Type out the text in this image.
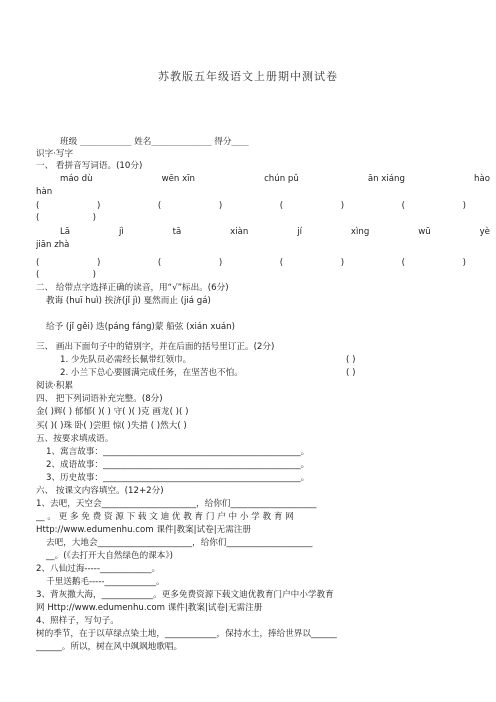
苏教版五年级语文上册期中测试卷
班级 ____________ 姓名______________ 得分____
识字·写字
一、 看拼音写词语。(10分)
máo dù	wēn xīn	chún pǔ	ān xiáng	hào
hàn
(	)	(	)	(	)	(	)
(	)
Lā	jì	tā	xiàn	jí	xìng	wū	yè
jiān zhà
(	)	(	)	(	)	(	)
(	)
二、 给带点字选择正确的读音，用“√”标出。(6分)
教诲 (huī huì) 挨济(jǐ jì) 戛然而止 (jiá gá)
给予 (jǐ gěi) 迭(páng fáng)蒙 船弦 (xián xuán)
三、 画出下面句子中的错别字，并在后面的括号里订正。(2分)
1. 少先队员必需经长佩带红领巾。	( )
2. 小兰下总心要圆满完成任务，在坚苦也不怕。	( )
阅读·积累
四、 把下列词语补充完整。(8分)
金( )辉( ) 郁郁( )( ) 守( )( )克 画龙( )( )
买( )( )珠 卧( )尝胆 惊( )失措 ( )然大( )
五、按要求填成语。
1、寓言故事：______________________________________________。
2、成语故事：______________________________________________。
3、历史故事：______________________________________________。
六、 按课文内容填空。(12+2分)
1、去吧，天空会______________________，给你们____________________
__ 。 更 多 免 费 资 源 下 载 文 迪 优 教 育 门 户 中 小 学 教 育 网
Http://www.edumenhu.com 课件|教案|试卷|无需注册
去吧，大地会______________________，给你们____________________
__。(《去打开大自然绿色的课本》)
2、八仙过海-----____________。
千里送鹅毛-----____________。
3、背灰撒大海，____________。更多免费资源下载文迪优教育门户中小学教育
网 Http://www.edumenhu.com 课件|教案|试卷|无需注册
4、照样子，写句子。
树的季节，在于以草绿点染土地，____________，保持水土，捧给世界以______
______。所以，树在风中飒飒地歌唱。
